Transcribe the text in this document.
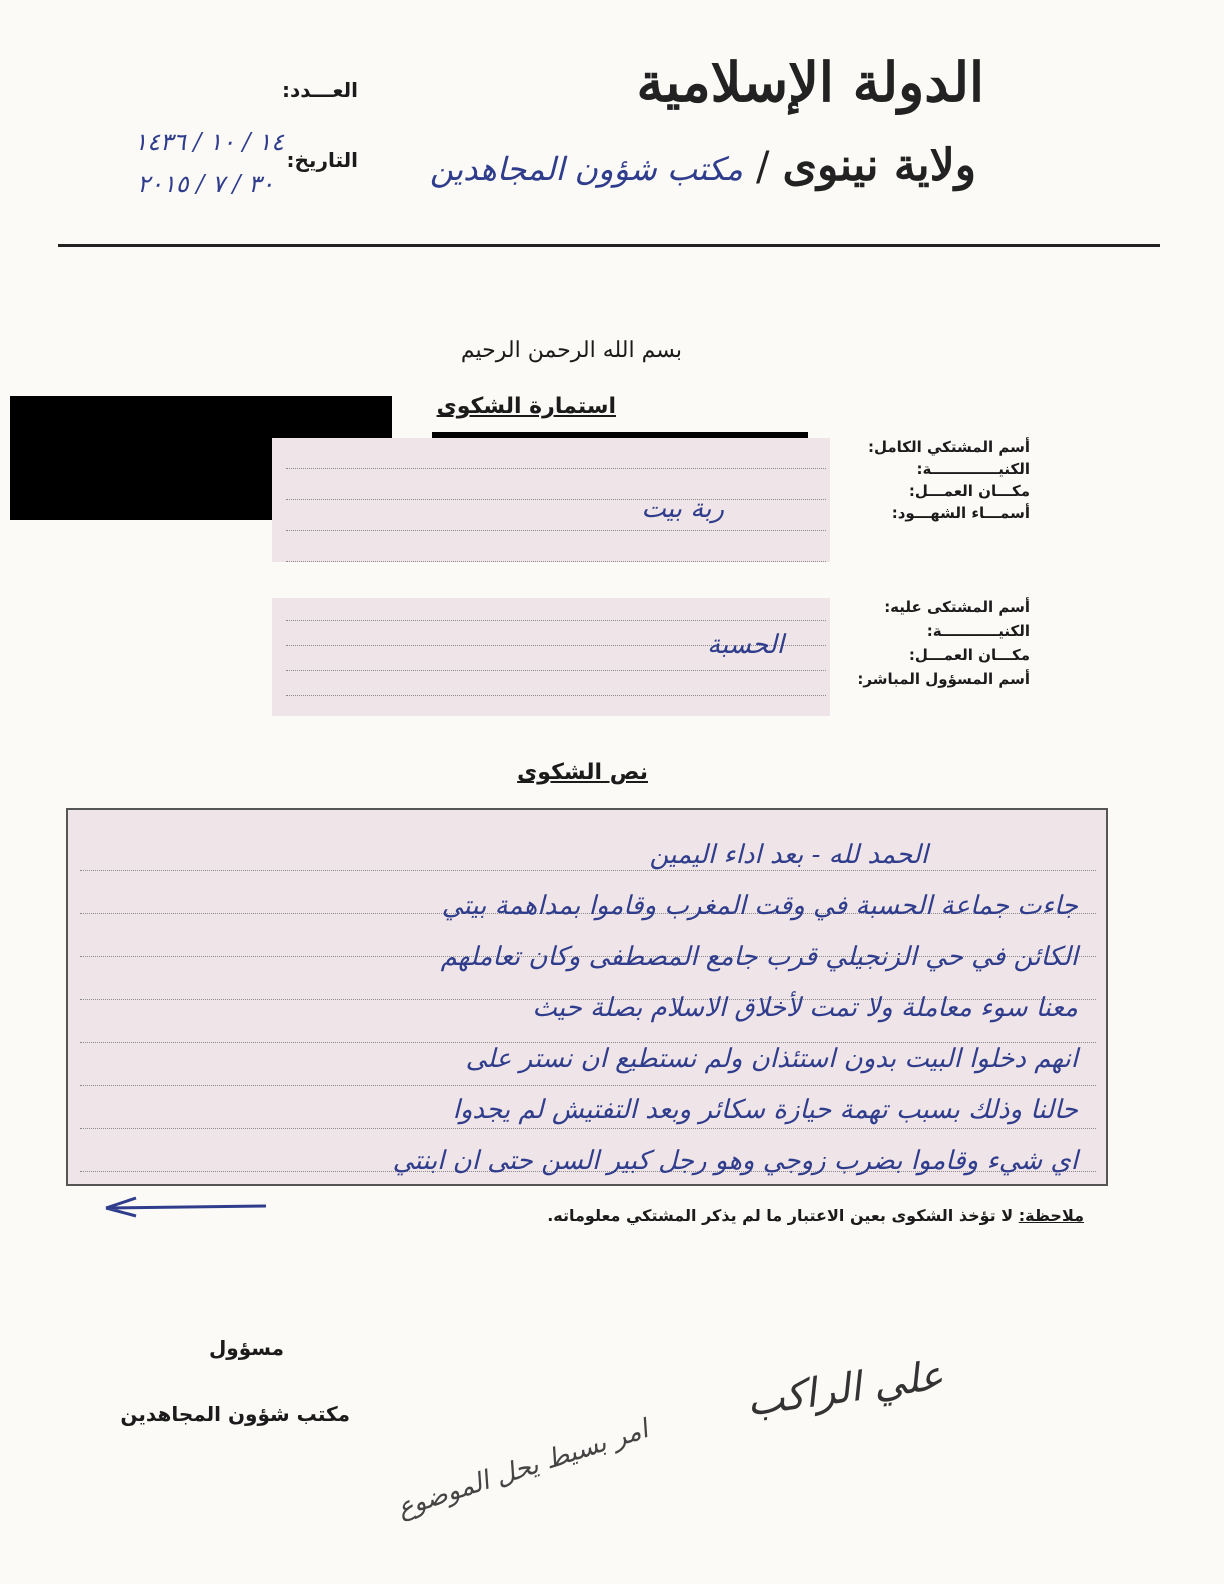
الدولة الإسلامية
ولاية نينوى / مكتب شؤون المجاهدين
العـــدد:
التاريخ:
١٤ / ١٠ / ١٤٣٦
٣٠ / ٧ / ٢٠١٥
بسم الله الرحمن الرحيم
استمارة الشكوى
أسم المشتكي الكامل:
الكنيـــــــــــــة:
مكـــان العمـــل:
أسمـــاء الشهـــود:
ربة بيت
أسم المشتكى عليه:
الكنيـــــــــــة:
مكـــان العمـــل:
أسم المسؤول المباشر:
الحسبة
نص الشكوى
الحمد لله - بعد اداء اليمين
جاءت جماعة الحسبة في وقت المغرب وقاموا بمداهمة بيتي
الكائن في حي الزنجيلي قرب جامع المصطفى وكان تعاملهم
معنا سوء معاملة ولا تمت لأخلاق الاسلام بصلة حيث
انهم دخلوا البيت بدون استئذان ولم نستطيع ان نستر على
حالنا وذلك بسبب تهمة حيازة سكائر وبعد التفتيش لم يجدوا
اي شيء وقاموا بضرب زوجي وهو رجل كبير السن حتى ان ابنتي
ملاحظة: لا تؤخذ الشكوى بعين الاعتبار ما لم يذكر المشتكي معلوماته.
مسؤول
مكتب شؤون المجاهدين	علي الراكب
امر بسيط يحل الموضوع
